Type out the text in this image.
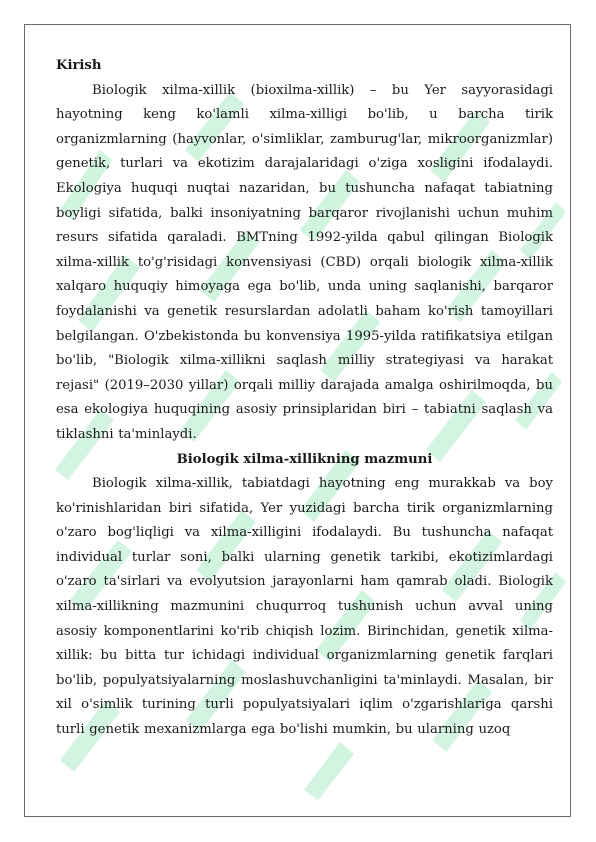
Kirish

Biologik xilma-xillik (bioxilma-xillik) – bu Yer sayyorasidagi hayotning keng ko'lamli xilma-xilligi bo'lib, u barcha tirik organizmlarning (hayvonlar, o'simliklar, zamburug'lar, mikroorganizmlar) genetik, turlari va ekotizim darajalaridagi o'ziga xosligini ifodalaydi. Ekologiya huquqi nuqtai nazaridan, bu tushuncha nafaqat tabiatning boyligi sifatida, balki insoniyatning barqaror rivojlanishi uchun muhim resurs sifatida qaraladi. BMTning 1992-yilda qabul qilingan Biologik xilma-xillik to'g'risidagi konvensiyasi (CBD) orqali biologik xilma-xillik xalqaro huquqiy himoyaga ega bo'lib, unda uning saqlanishi, barqaror foydalanishi va genetik resurslardan adolatli baham ko'rish tamoyillari belgilangan. O'zbekistonda bu konvensiya 1995-yilda ratifikatsiya etilgan bo'lib, "Biologik xilma-xillikni saqlash milliy strategiyasi va harakat rejasi" (2019–2030 yillar) orqali milliy darajada amalga oshirilmoqda, bu esa ekologiya huquqining asosiy prinsiplaridan biri – tabiatni saqlash va tiklashni ta'minlaydi.

Biologik xilma-xillikning mazmuni

Biologik xilma-xillik, tabiatdagi hayotning eng murakkab va boy ko'rinishlaridan biri sifatida, Yer yuzidagi barcha tirik organizmlarning o'zaro bog'liqligi va xilma-xilligini ifodalaydi. Bu tushuncha nafaqat individual turlar soni, balki ularning genetik tarkibi, ekotizimlardagi o'zaro ta'sirlari va evolyutsion jarayonlarni ham qamrab oladi. Biologik xilma-xillikning mazmunini chuqurroq tushunish uchun avval uning asosiy komponentlarini ko'rib chiqish lozim. Birinchidan, genetik xilma-xillik: bu bitta tur ichidagi individual organizmlarning genetik farqlari bo'lib, populyatsiyalarning moslashuvchanligini ta'minlaydi. Masalan, bir xil o'simlik turining turli populyatsiyalari iqlim o'zgarishlariga qarshi turli genetik mexanizmlarga ega bo'lishi mumkin, bu ularning uzoq
